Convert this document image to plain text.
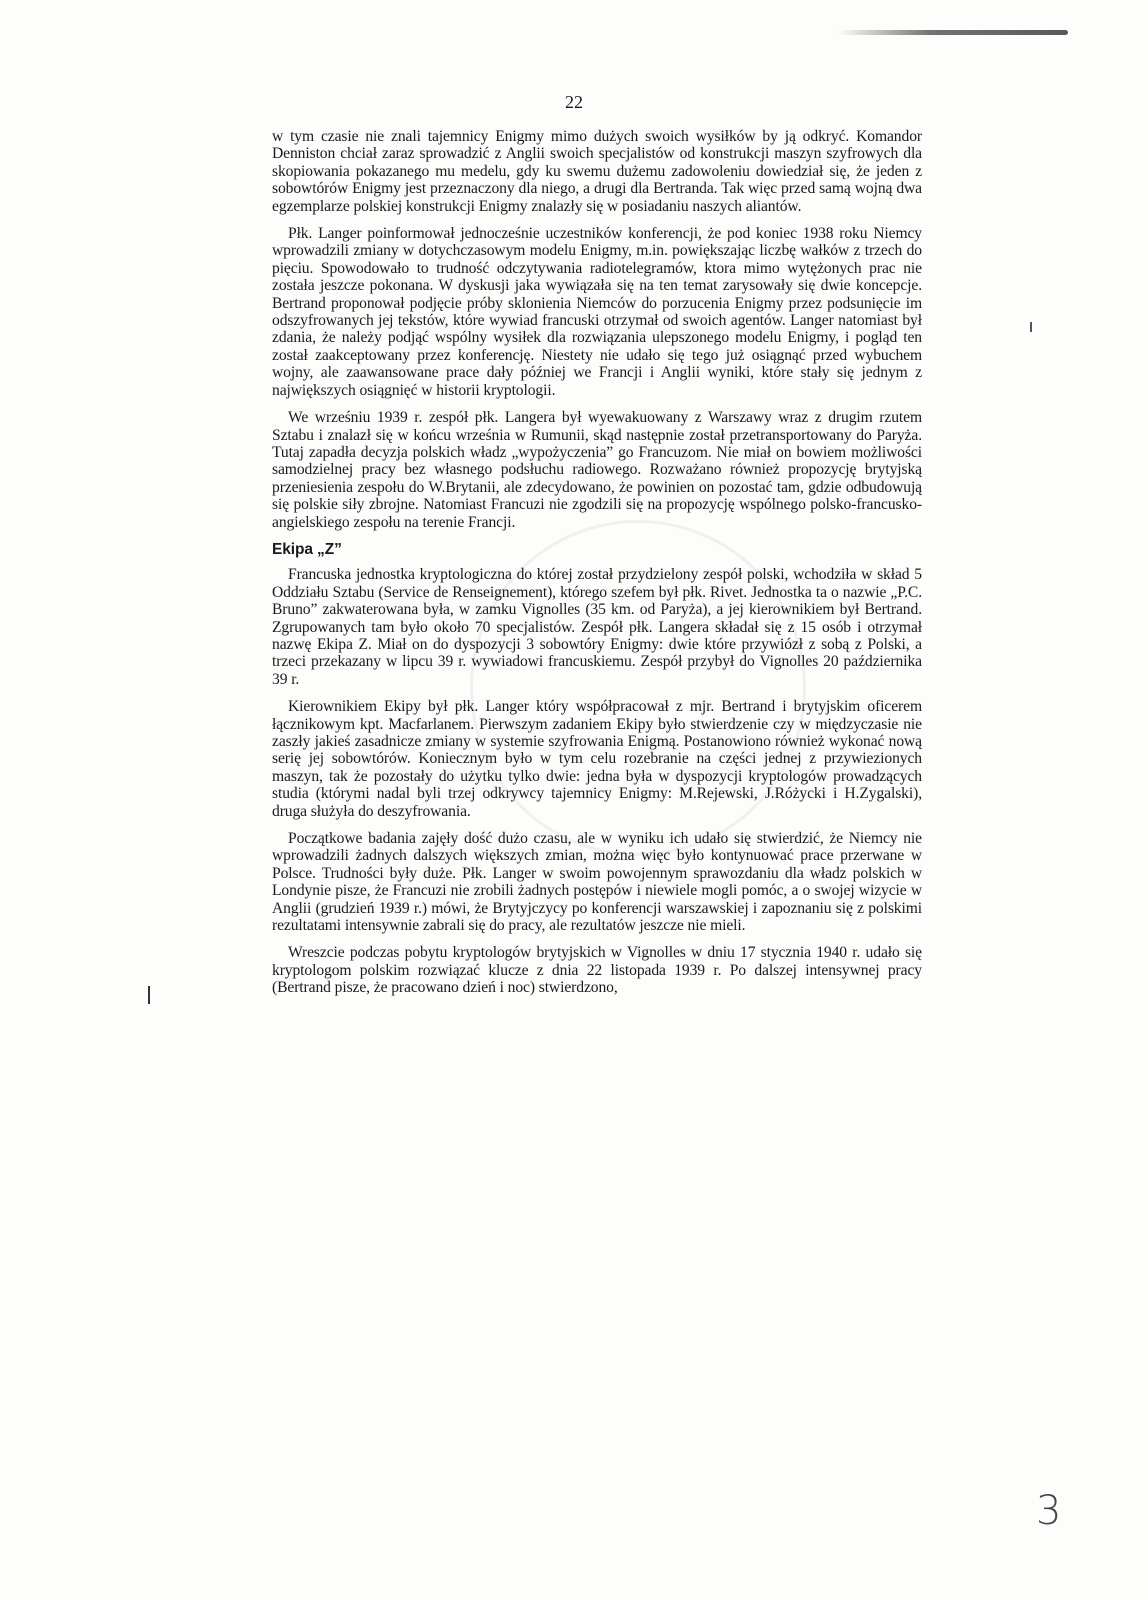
22

w tym czasie nie znali tajemnicy Enigmy mimo dużych swoich wysiłków by ją odkryć. Komandor Denniston chciał zaraz sprowadzić z Anglii swoich specjalistów od konstrukcji maszyn szyfrowych dla skopiowania pokazanego mu medelu, gdy ku swemu dużemu zadowoleniu dowiedział się, że jeden z sobowtórów Enigmy jest przeznaczony dla niego, a drugi dla Bertranda. Tak więc przed samą wojną dwa egzemplarze polskiej konstrukcji Enigmy znalazły się w posiadaniu naszych aliantów.

Płk. Langer poinformował jednocześnie uczestników konferencji, że pod koniec 1938 roku Niemcy wprowadzili zmiany w dotychczasowym modelu Enigmy, m.in. powiększając liczbę wałków z trzech do pięciu. Spowodowało to trudność odczytywania radiotelegramów, ktora mimo wytężonych prac nie została jeszcze pokonana. W dyskusji jaka wywiązała się na ten temat zarysowały się dwie koncepcje. Bertrand proponował podjęcie próby sklonienia Niemców do porzucenia Enigmy przez podsunięcie im odszyfrowanych jej tekstów, które wywiad francuski otrzymał od swoich agentów. Langer natomiast był zdania, że należy podjąć wspólny wysiłek dla rozwiązania ulepszonego modelu Enigmy, i pogląd ten został zaakceptowany przez konferencję. Niestety nie udało się tego już osiągnąć przed wybuchem wojny, ale zaawansowane prace dały później we Francji i Anglii wyniki, które stały się jednym z największych osiągnięć w historii kryptologii.

We wrześniu 1939 r. zespół płk. Langera był wyewakuowany z Warszawy wraz z drugim rzutem Sztabu i znalazł się w końcu września w Rumunii, skąd następnie został przetransportowany do Paryża. Tutaj zapadła decyzja polskich władz „wypożyczenia” go Francuzom. Nie miał on bowiem możliwości samodzielnej pracy bez własnego podsłuchu radiowego. Rozważano również propozycję brytyjską przeniesienia zespołu do W.Brytanii, ale zdecydowano, że powinien on pozostać tam, gdzie odbudowują się polskie siły zbrojne. Natomiast Francuzi nie zgodzili się na propozycję wspólnego polsko-francusko-angielskiego zespołu na terenie Francji.

Ekipa „Z”

Francuska jednostka kryptologiczna do której został przydzielony zespół polski, wchodziła w skład 5 Oddziału Sztabu (Service de Renseignement), którego szefem był płk. Rivet. Jednostka ta o nazwie „P.C. Bruno” zakwaterowana była, w zamku Vignolles (35 km. od Paryża), a jej kierownikiem był Bertrand. Zgrupowanych tam było około 70 specjalistów. Zespół płk. Langera składał się z 15 osób i otrzymał nazwę Ekipa Z. Miał on do dyspozycji 3 sobowtóry Enigmy: dwie które przywiózł z sobą z Polski, a trzeci przekazany w lipcu 39 r. wywiadowi francuskiemu. Zespół przybył do Vignolles 20 października 39 r.

Kierownikiem Ekipy był płk. Langer który współpracował z mjr. Bertrand i brytyjskim oficerem łącznikowym kpt. Macfarlanem. Pierwszym zadaniem Ekipy było stwierdzenie czy w międzyczasie nie zaszły jakieś zasadnicze zmiany w systemie szyfrowania Enigmą. Postanowiono również wykonać nową serię jej sobowtórów. Koniecznym było w tym celu rozebranie na części jednej z przywiezionych maszyn, tak że pozostały do użytku tylko dwie: jedna była w dyspozycji kryptologów prowadzących studia (którymi nadal byli trzej odkrywcy tajemnicy Enigmy: M.Rejewski, J.Różycki i H.Zygalski), druga służyła do deszyfrowania.

Początkowe badania zajęły dość dużo czasu, ale w wyniku ich udało się stwierdzić, że Niemcy nie wprowadzili żadnych dalszych większych zmian, można więc było kontynuować prace przerwane w Polsce. Trudności były duże. Płk. Langer w swoim powojennym sprawozdaniu dla władz polskich w Londynie pisze, że Francuzi nie zrobili żadnych postępów i niewiele mogli pomóc, a o swojej wizycie w Anglii (grudzień 1939 r.) mówi, że Brytyjczycy po konferencji warszawskiej i zapoznaniu się z polskimi rezultatami intensywnie zabrali się do pracy, ale rezultatów jeszcze nie mieli.

Wreszcie podczas pobytu kryptologów brytyjskich w Vignolles w dniu 17 stycznia 1940 r. udało się kryptologom polskim rozwiązać klucze z dnia 22 listopada 1939 r. Po dalszej intensywnej pracy (Bertrand pisze, że pracowano dzień i noc) stwierdzono,

3
